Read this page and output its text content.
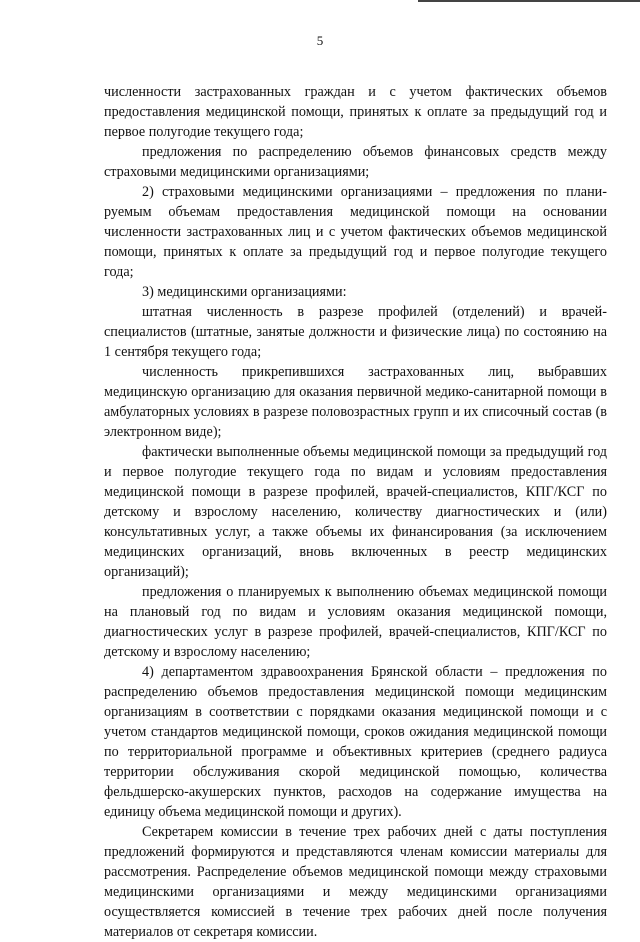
5

численности застрахованных граждан и с учетом фактических объемов предоставления медицинской помощи, принятых к оплате за предыдущий год и первое полугодие текущего года;

предложения по распределению объемов финансовых средств между страховыми медицинскими организациями;

2) страховыми медицинскими организациями – предложения по планируемым объемам предоставления медицинской помощи на основании численности застрахованных лиц и с учетом фактических объемов медицинской помощи, принятых к оплате за предыдущий год и первое полугодие текущего года;

3) медицинскими организациями:

штатная численность в разрезе профилей (отделений) и врачей-специалистов (штатные, занятые должности и физические лица) по состоянию на 1 сентября текущего года;

численность прикрепившихся застрахованных лиц, выбравших медицинскую организацию для оказания первичной медико-санитарной помощи в амбулаторных условиях в разрезе половозрастных групп и их списочный состав (в электронном виде);

фактически выполненные объемы медицинской помощи за предыдущий год и первое полугодие текущего года по видам и условиям предоставления медицинской помощи в разрезе профилей, врачей-специалистов, КПГ/КСГ по детскому и взрослому населению, количеству диагностических и (или) консультативных услуг, а также объемы их финансирования (за исключением медицинских организаций, вновь включенных в реестр медицинских организаций);

предложения о планируемых к выполнению объемах медицинской помощи на плановый год по видам и условиям оказания медицинской помощи, диагностических услуг в разрезе профилей, врачей-специалистов, КПГ/КСГ по детскому и взрослому населению;

4) департаментом здравоохранения Брянской области – предложения по распределению объемов предоставления медицинской помощи медицинским организациям в соответствии с порядками оказания медицинской помощи и с учетом стандартов медицинской помощи, сроков ожидания медицинской помощи по территориальной программе и объективных критериев (среднего радиуса территории обслуживания скорой медицинской помощью, количества фельдшерско-акушерских пунктов, расходов на содержание имущества на единицу объема медицинской помощи и других).

Секретарем комиссии в течение трех рабочих дней с даты поступления предложений формируются и представляются членам комиссии материалы для рассмотрения. Распределение объемов медицинской помощи между страховыми медицинскими организациями и между медицинскими организациями осуществляется комиссией в течение трех рабочих дней после получения материалов от секретаря комиссии.
